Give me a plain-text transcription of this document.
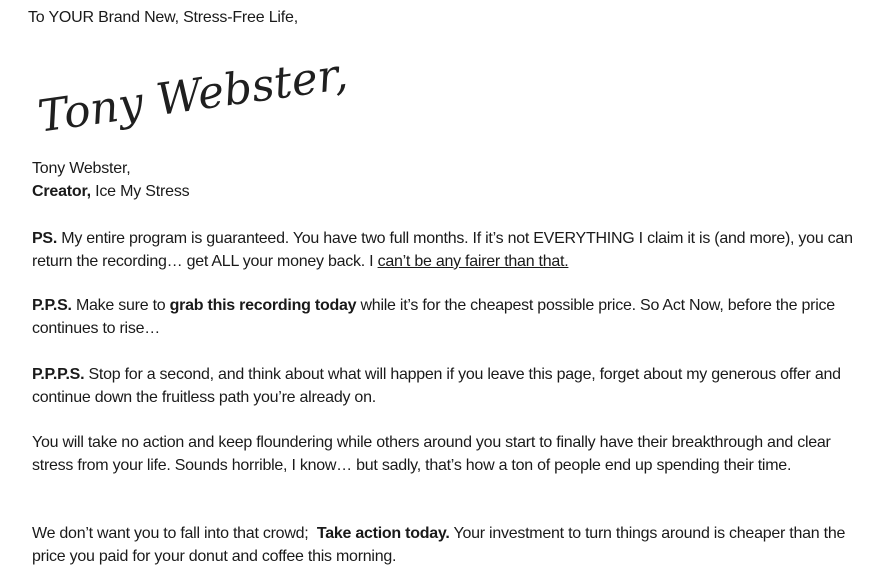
To YOUR Brand New, Stress-Free Life,
Tony Webster,
Tony Webster,
Creator, Ice My Stress

PS. My entire program is guaranteed. You have two full months. If it’s not EVERYTHING I claim it is (and more), you can return the recording… get ALL your money back. I can’t be any fairer than that.

P.P.S. Make sure to grab this recording today while it’s for the cheapest possible price. So Act Now, before the price continues to rise…

P.P.P.S. Stop for a second, and think about what will happen if you leave this page, forget about my generous offer and continue down the fruitless path you’re already on.

You will take no action and keep floundering while others around you start to finally have their breakthrough and clear stress from your life. Sounds horrible, I know… but sadly, that’s how a ton of people end up spending their time.

We don’t want you to fall into that crowd;  Take action today. Your investment to turn things around is cheaper than the price you paid for your donut and coffee this morning.
